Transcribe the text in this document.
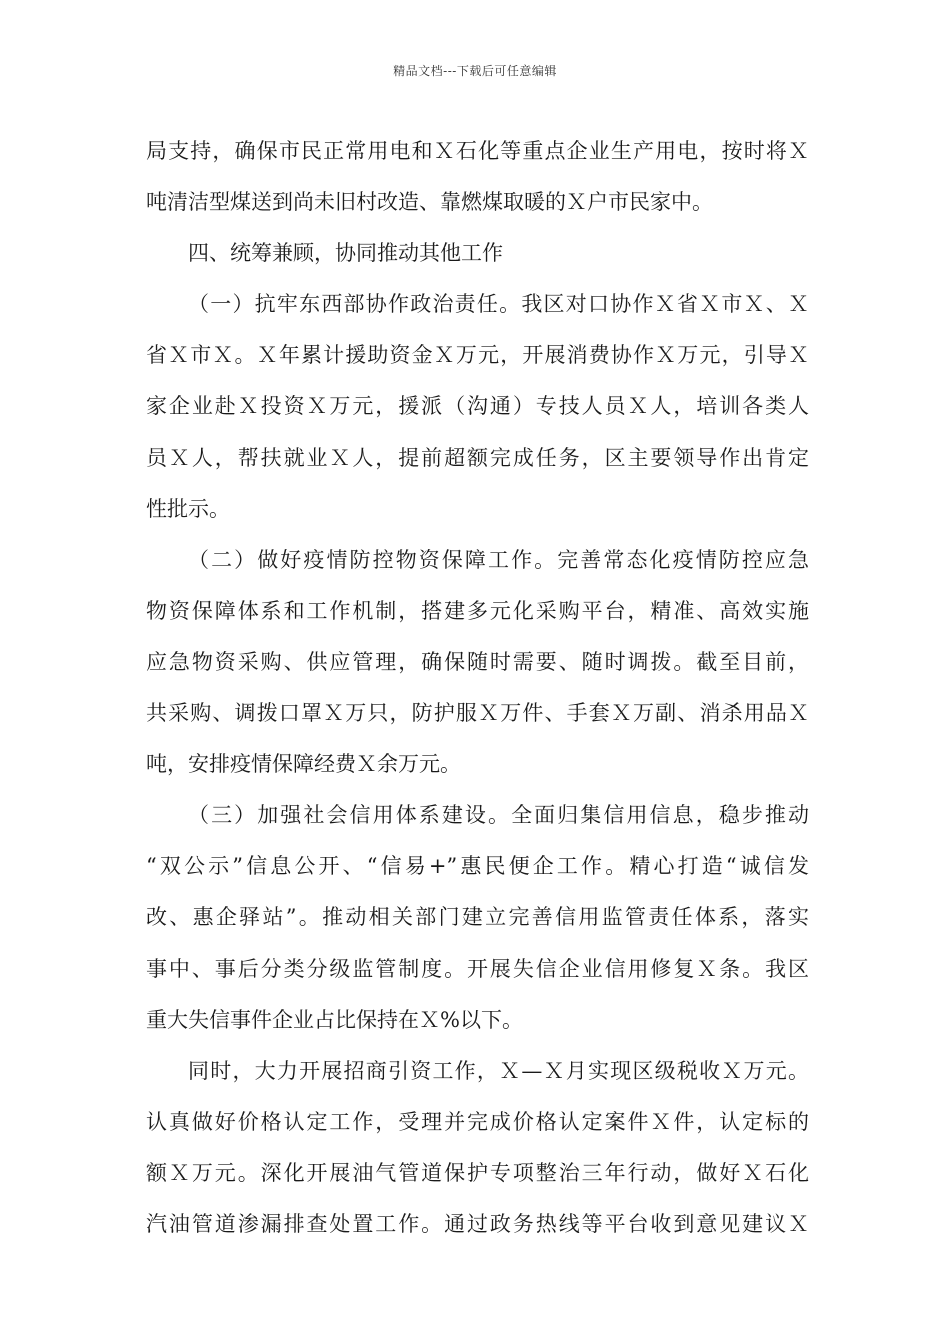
精品文档---下载后可任意编辑
局支持，确保市民正常用电和Ｘ石化等重点企业生产用电，按时将Ｘ
吨清洁型煤送到尚未旧村改造、靠燃煤取暖的Ｘ户市民家中。
四、统筹兼顾，协同推动其他工作
（一）抗牢东西部协作政治责任。我区对口协作Ｘ省Ｘ市Ｘ、Ｘ
省Ｘ市Ｘ。Ｘ年累计援助资金Ｘ万元，开展消费协作Ｘ万元，引导Ｘ
家企业赴Ｘ投资Ｘ万元，援派（沟通）专技人员Ｘ人，培训各类人
员Ｘ人，帮扶就业Ｘ人，提前超额完成任务，区主要领导作出肯定
性批示。
（二）做好疫情防控物资保障工作。完善常态化疫情防控应急
物资保障体系和工作机制，搭建多元化采购平台，精准、高效实施
应急物资采购、供应管理，确保随时需要、随时调拨。截至目前，
共采购、调拨口罩Ｘ万只，防护服Ｘ万件、手套Ｘ万副、消杀用品Ｘ
吨，安排疫情保障经费Ｘ余万元。
（三）加强社会信用体系建设。全面归集信用信息，稳步推动
“双公示”信息公开、“信易+”惠民便企工作。精心打造“诚信发
改、惠企驿站”。推动相关部门建立完善信用监管责任体系，落实
事中、事后分类分级监管制度。开展失信企业信用修复Ｘ条。我区
重大失信事件企业占比保持在Ｘ%以下。
同时，大力开展招商引资工作，Ｘ—Ｘ月实现区级税收Ｘ万元。
认真做好价格认定工作，受理并完成价格认定案件Ｘ件，认定标的
额Ｘ万元。深化开展油气管道保护专项整治三年行动，做好Ｘ石化
汽油管道渗漏排查处置工作。通过政务热线等平台收到意见建议Ｘ
